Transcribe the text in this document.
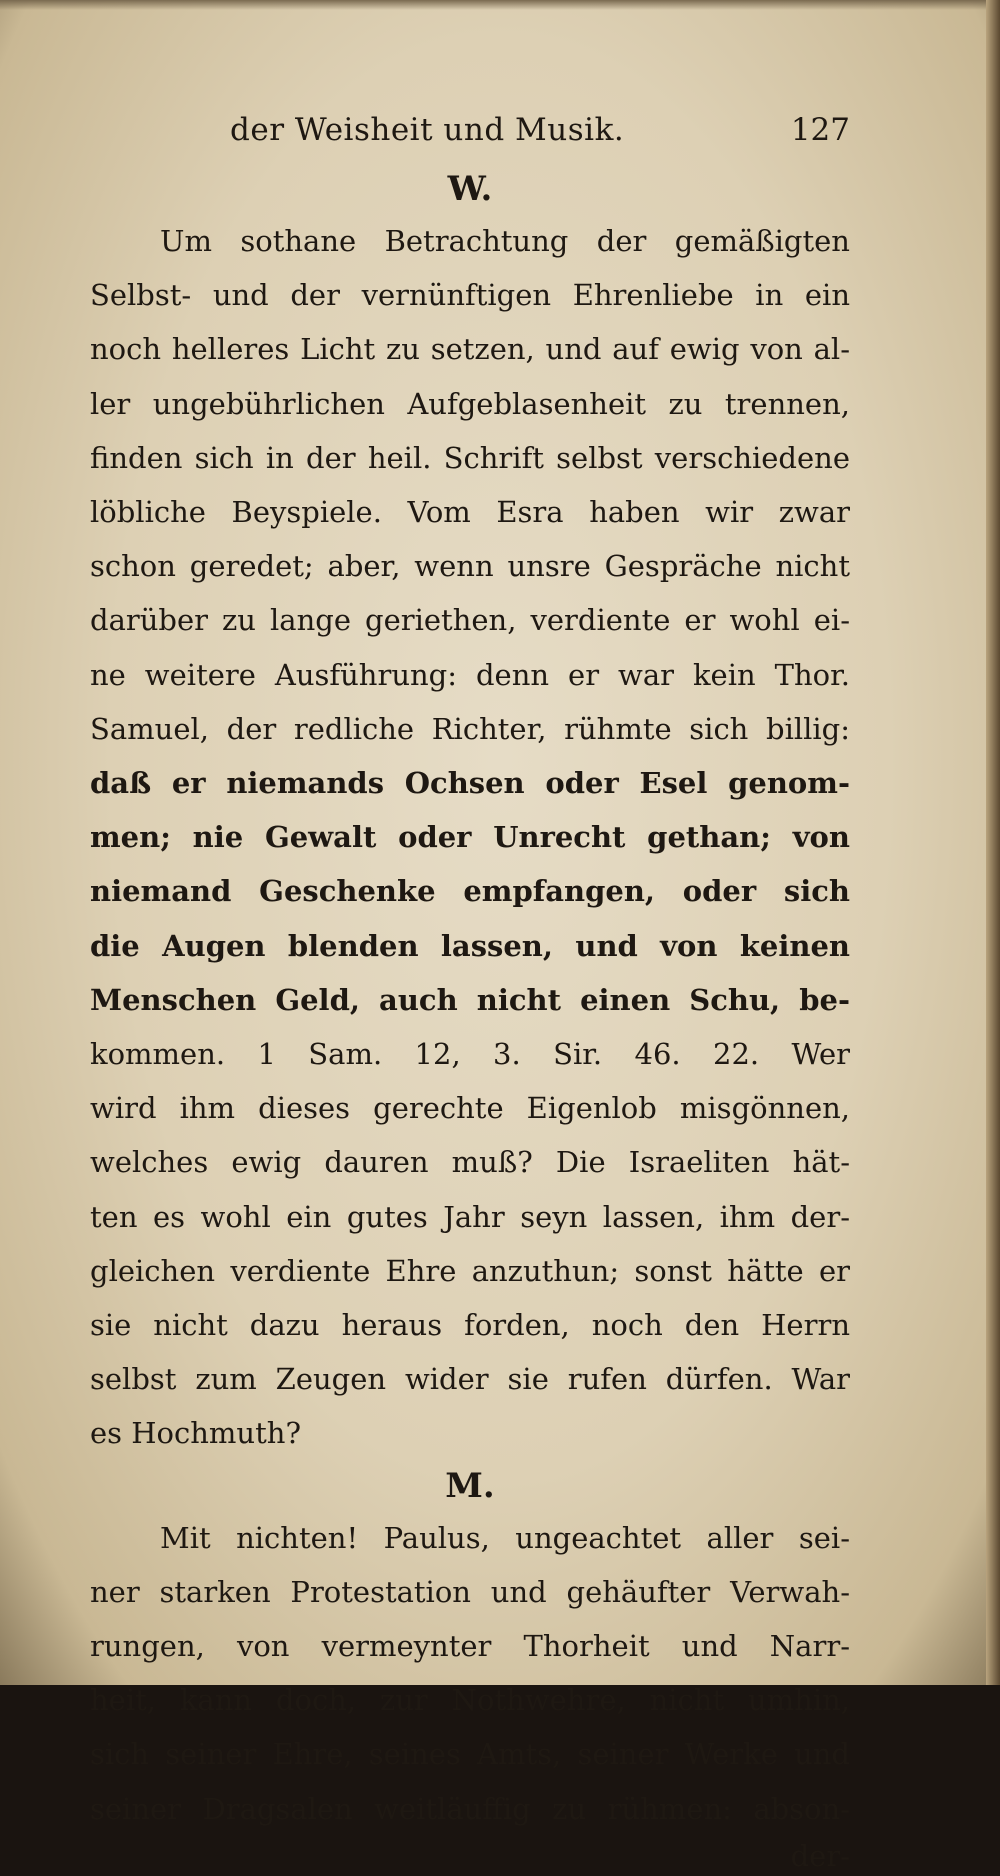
der Weisheit und Musik.	127
W.
Um sothane Betrachtung der gemäßigten
Selbst- und der vernünftigen Ehrenliebe in ein
noch helleres Licht zu setzen, und auf ewig von al-
ler ungebührlichen Aufgeblasenheit zu trennen,
finden sich in der heil. Schrift selbst verschiedene
löbliche Beyspiele. Vom Esra haben wir zwar
schon geredet; aber, wenn unsre Gespräche nicht
darüber zu lange geriethen, verdiente er wohl ei-
ne weitere Ausführung: denn er war kein Thor.
Samuel, der redliche Richter, rühmte sich billig:
daß er niemands Ochsen oder Esel genom-
men; nie Gewalt oder Unrecht gethan; von
niemand Geschenke empfangen, oder sich
die Augen blenden lassen, und von keinen
Menschen Geld, auch nicht einen Schu, be-
kommen. 1 Sam. 12, 3. Sir. 46. 22. Wer
wird ihm dieses gerechte Eigenlob misgönnen,
welches ewig dauren muß? Die Israeliten hät-
ten es wohl ein gutes Jahr seyn lassen, ihm der-
gleichen verdiente Ehre anzuthun; sonst hätte er
sie nicht dazu heraus forden, noch den Herrn
selbst zum Zeugen wider sie rufen dürfen. War
es Hochmuth?
M.
Mit nichten! Paulus, ungeachtet aller sei-
ner starken Protestation und gehäufter Verwah-
rungen, von vermeynter Thorheit und Narr-
heit, kann doch, zur Nothwehre, nicht umhin,
sich seiner Ehre, seines Amts, seiner Werke und
seiner Dragsalen weitläuffig zu rühmen: abson-
der-
